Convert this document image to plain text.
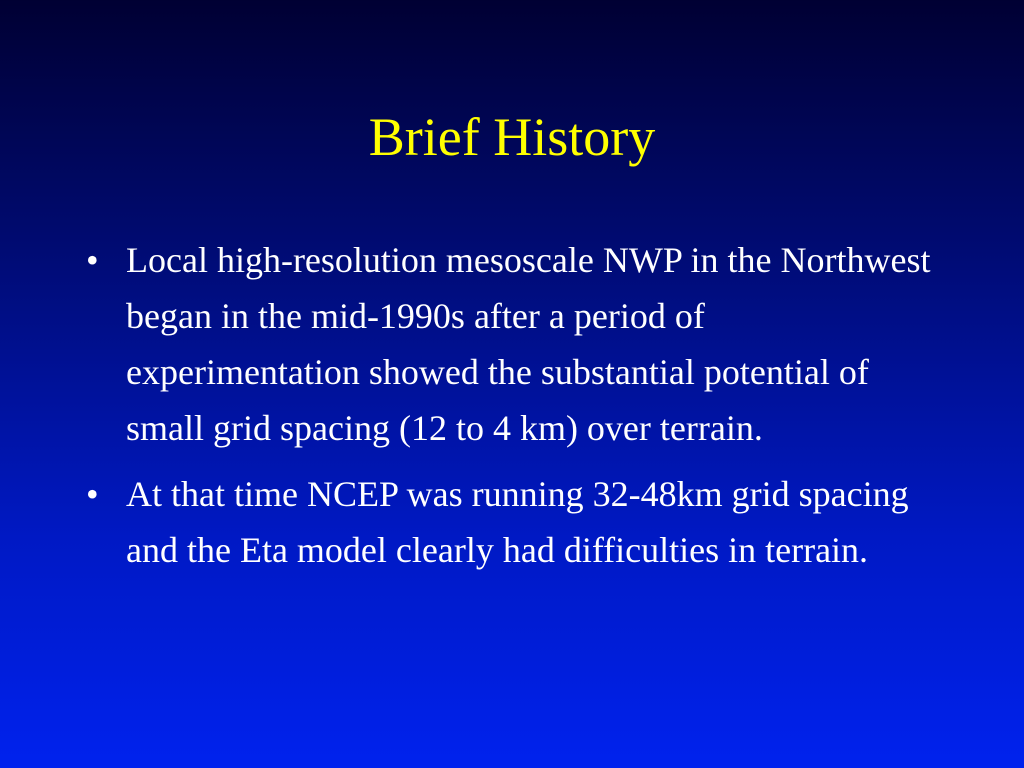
Brief History
• Local high-resolution mesoscale NWP in the Northwest began in the mid-1990s after a period of experimentation showed the substantial potential of small grid spacing (12 to 4 km) over terrain.
• At that time NCEP was running 32-48km grid spacing and the Eta model clearly had difficulties in terrain.
